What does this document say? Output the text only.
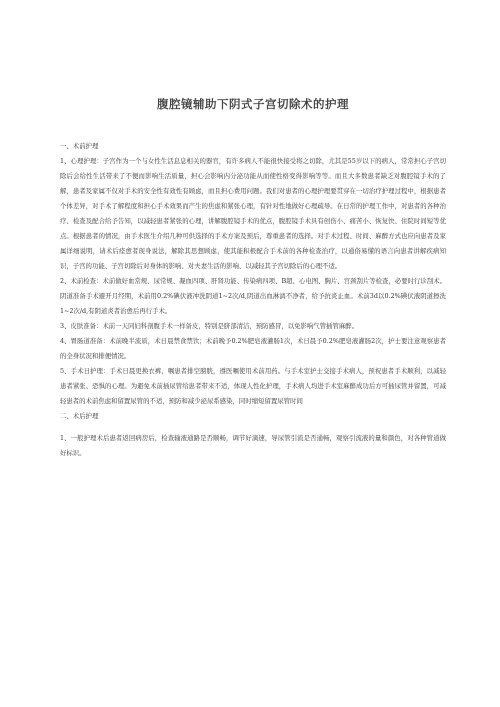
腹腔镜辅助下阴式子宫切除术的护理

一、术前护理

1、心理护理：子宫作为一个与女性生活息息相关的器官，有许多病人不能很快接受将之切除，尤其是55岁以下的病人，常常担心子宫切除后会给性生活带来了不便而影响生活质量，担心会影响内分泌功能从而使性格变得影响等等。而且大多数患者缺乏对腹腔镜手术的了解，患者及家属不仅对手术的安全性有效性有顾虑，而且担心费用问题。我们对患者的心理护理要贯穿在一切治疗护理过程中，根据患者个体差异，对手术了解程度和担心手术效果而产生的焦虑和紧张心理，有针对性地做好心理疏导。在日常的护理工作中，对患者的各种治疗、检查及配合给予告知，以减轻患者紧张的心理，讲解腹腔镜手术的优点，腹腔镜手术具有创伤小、痛苦小、恢复快、住院时间短等优点。根据患者的情况，由手术医生介绍几种可供选择的手术方案及预后，尊重患者的选择。对手术过程、时间、麻醉方式也应向患者及家属详细说明，请术后痊愈者现身说法，解除其思想顾虑，使其能积极配合手术前的各种检查治疗，以通俗易懂的语言向患者讲解疾病知识，子宫的功能、子宫切除后对身体的影响、对夫妻生活的影响、以减轻其子宫切除后的心理不适。

2、术前检查：术前做好血常规、尿常规、凝血四项、肝肾功能、传染病四项、B超、心电图、胸片、宫颈刮片等检查，必要时行诊刮术。阴道准备手术避开月经期，术前用0.2%碘伏液冲洗阴道1~2次/d,阴道出血淋漓不净者，给予抗炎止血。术前3d以0.2%碘伏液阴道擦洗1~2次/d,有阴道炎者治愈后再行手术。

3、皮肤准备：术前一天同妇科剖腹手术一样备皮，特别是脐部清洁，预防感冒，以免影响气管插管麻醉。

4、胃肠道准备：术前晚半流质，术日晨禁食禁饮；术前晚予0.2%肥皂液灌肠1次，术日晨予0.2%肥皂液灌肠2次，护士要注意观察患者的全身状况和排便情况。

5、手术日护理：手术日晨更换衣裤，嘱患者排空膀胱，遵医嘱使用术前用药。与手术室护士交接手术病人，预祝患者手术顺利，以减轻患者紧张、恐惧的心理。为避免术前插尿管给患者带来不适，体现人性化护理，手术病人均进手术室麻醉成功后方可插尿管并留置，可减轻患者的术前焦虑和留置尿管的不适，预防和减少泌尿系感染，同时缩短留置尿管时间

二、术后护理

1、一般护理术后患者返回病房后，检查输液通路是否顺畅，调节好滴速，导尿管引流是否通畅，观察引流液的量和颜色，对各种管道做好标识。
